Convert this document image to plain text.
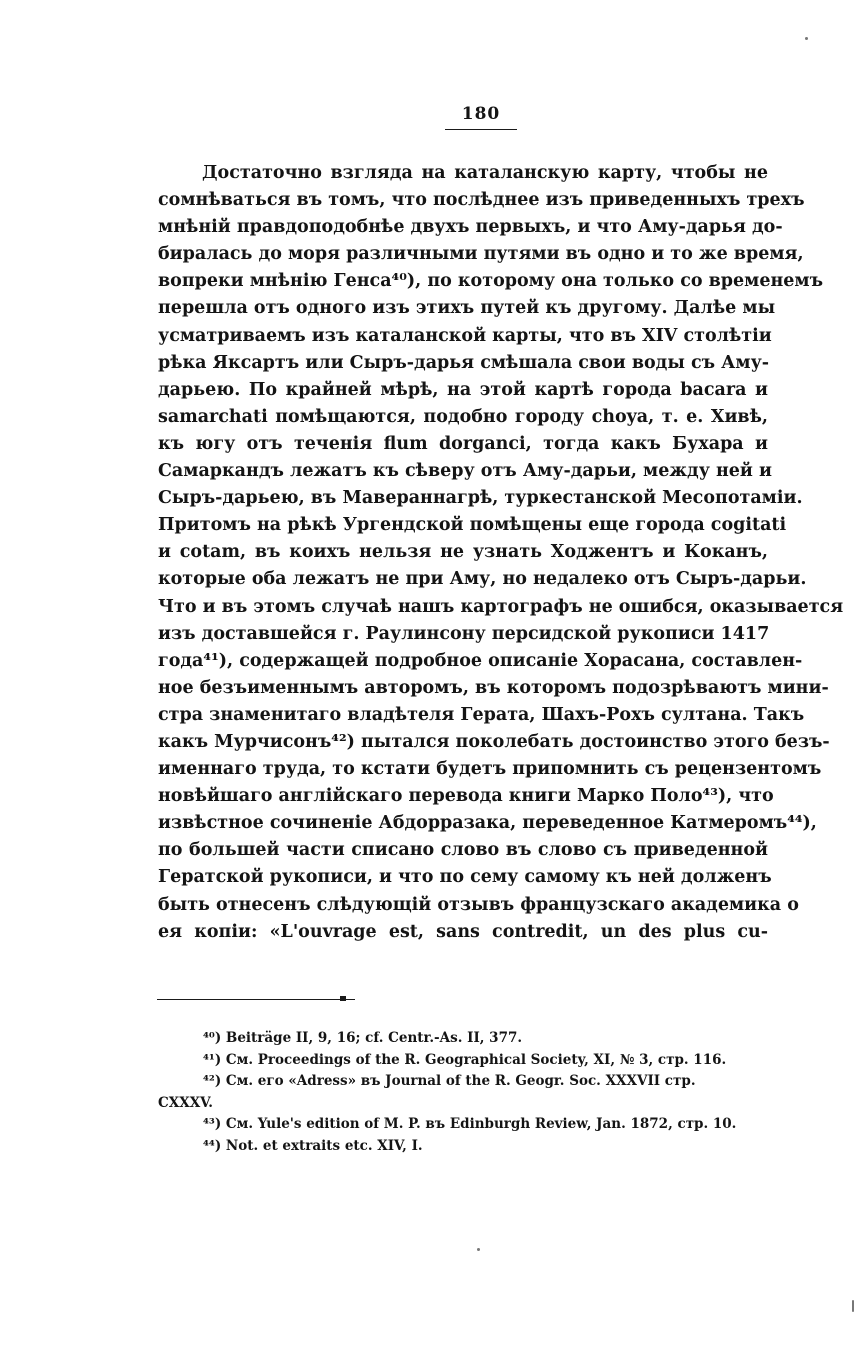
180
Достаточно взгляда на каталанскую карту, чтобы не
сомнѣваться въ томъ, что послѣднее изъ приведенныхъ трехъ
мнѣній правдоподобнѣе двухъ первыхъ, и что Аму-дарья до-
биралась до моря различными путями въ одно и то же время,
вопреки мнѣнію Генса⁴⁰), по которому она только со временемъ
перешла отъ одного изъ этихъ путей къ другому. Далѣе мы
усматриваемъ изъ каталанской карты, что въ XIV столѣтіи
рѣка Яксартъ или Сыръ-дарья смѣшала свои воды съ Аму-
дарьею. По крайней мѣрѣ, на этой картѣ города bacara и
samarchati помѣщаются, подобно городу choya, т. е. Хивѣ,
къ югу отъ теченія flum dorganci, тогда какъ Бухара и
Самаркандъ лежатъ къ сѣверу отъ Аму-дарьи, между ней и
Сыръ-дарьею, въ Мавераннагрѣ, туркестанской Месопотаміи.
Притомъ на рѣкѣ Ургендской помѣщены еще города cogitati
и cotam, въ коихъ нельзя не узнать Ходжентъ и Коканъ,
которые оба лежатъ не при Аму, но недалеко отъ Сыръ-дарьи.
Что и въ этомъ случаѣ нашъ картографъ не ошибся, оказывается
изъ доставшейся г. Раулинсону персидской рукописи 1417
года⁴¹), содержащей подробное описаніе Хорасана, составлен-
ное безъименнымъ авторомъ, въ которомъ подозрѣваютъ мини-
стра знаменитаго владѣтеля Герата, Шахъ-Рохъ султана. Такъ
какъ Мурчисонъ⁴²) пытался поколебать достоинство этого безъ-
именнаго труда, то кстати будетъ припомнить съ рецензентомъ
новѣйшаго англійскаго перевода книги Марко Поло⁴³), что
извѣстное сочиненіе Абдорразака, переведенное Катмеромъ⁴⁴),
по большей части списано слово въ слово съ приведенной
Гератской рукописи, и что по сему самому къ ней долженъ
быть отнесенъ слѣдующій отзывъ французскаго академика о
ея копіи: «L'ouvrage est, sans contredit, un des plus cu-
⁴⁰) Beiträge II, 9, 16; cf. Centr.-As. II, 377.
⁴¹) См. Proceedings of the R. Geographical Society, XI, № 3, стр. 116.
⁴²) См. его «Adress» въ Journal of the R. Geogr. Soc. XXXVII стр.
CXXXV.
⁴³) См. Yule's edition of M. P. въ Edinburgh Review, Jan. 1872, стр. 10.
⁴⁴) Not. et extraits etc. XIV, I.
